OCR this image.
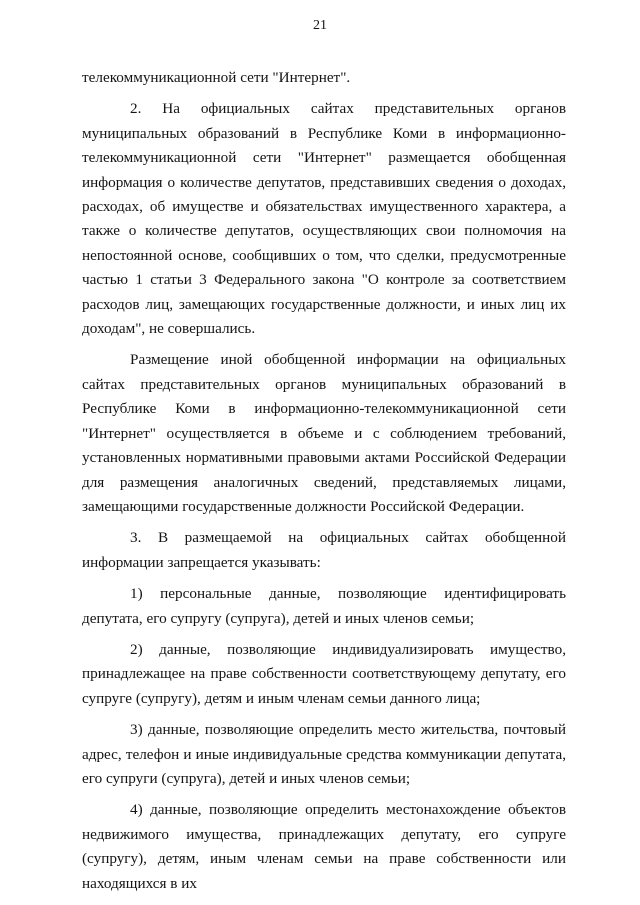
21

телекоммуникационной сети "Интернет".

2. На официальных сайтах представительных органов муниципальных образований в Республике Коми в информационно-телекоммуникационной сети "Интернет" размещается обобщенная информация о количестве депутатов, представивших сведения о доходах, расходах, об имуществе и обязательствах имущественного характера, а также о количестве депутатов, осуществляющих свои полномочия на непостоянной основе, сообщивших о том, что сделки, предусмотренные частью 1 статьи 3 Федерального закона "О контроле за соответствием расходов лиц, замещающих государственные должности, и иных лиц их доходам", не совершались.

Размещение иной обобщенной информации на официальных сайтах представительных органов муниципальных образований в Республике Коми в информационно-телекоммуникационной сети "Интернет" осуществляется в объеме и с соблюдением требований, установленных нормативными правовыми актами Российской Федерации для размещения аналогичных сведений, представляемых лицами, замещающими государственные должности Российской Федерации.

3. В размещаемой на официальных сайтах обобщенной информации запрещается указывать:

1) персональные данные, позволяющие идентифицировать депутата, его супругу (супруга), детей и иных членов семьи;

2) данные, позволяющие индивидуализировать имущество, принадлежащее на праве собственности соответствующему депутату, его супруге (супругу), детям и иным членам семьи данного лица;

3) данные, позволяющие определить место жительства, почтовый адрес, телефон и иные индивидуальные средства коммуникации депутата, его супруги (супруга), детей и иных членов семьи;

4) данные, позволяющие определить местонахождение объектов недвижимого имущества, принадлежащих депутату, его супруге (супругу), детям, иным членам семьи на праве собственности или находящихся в их
